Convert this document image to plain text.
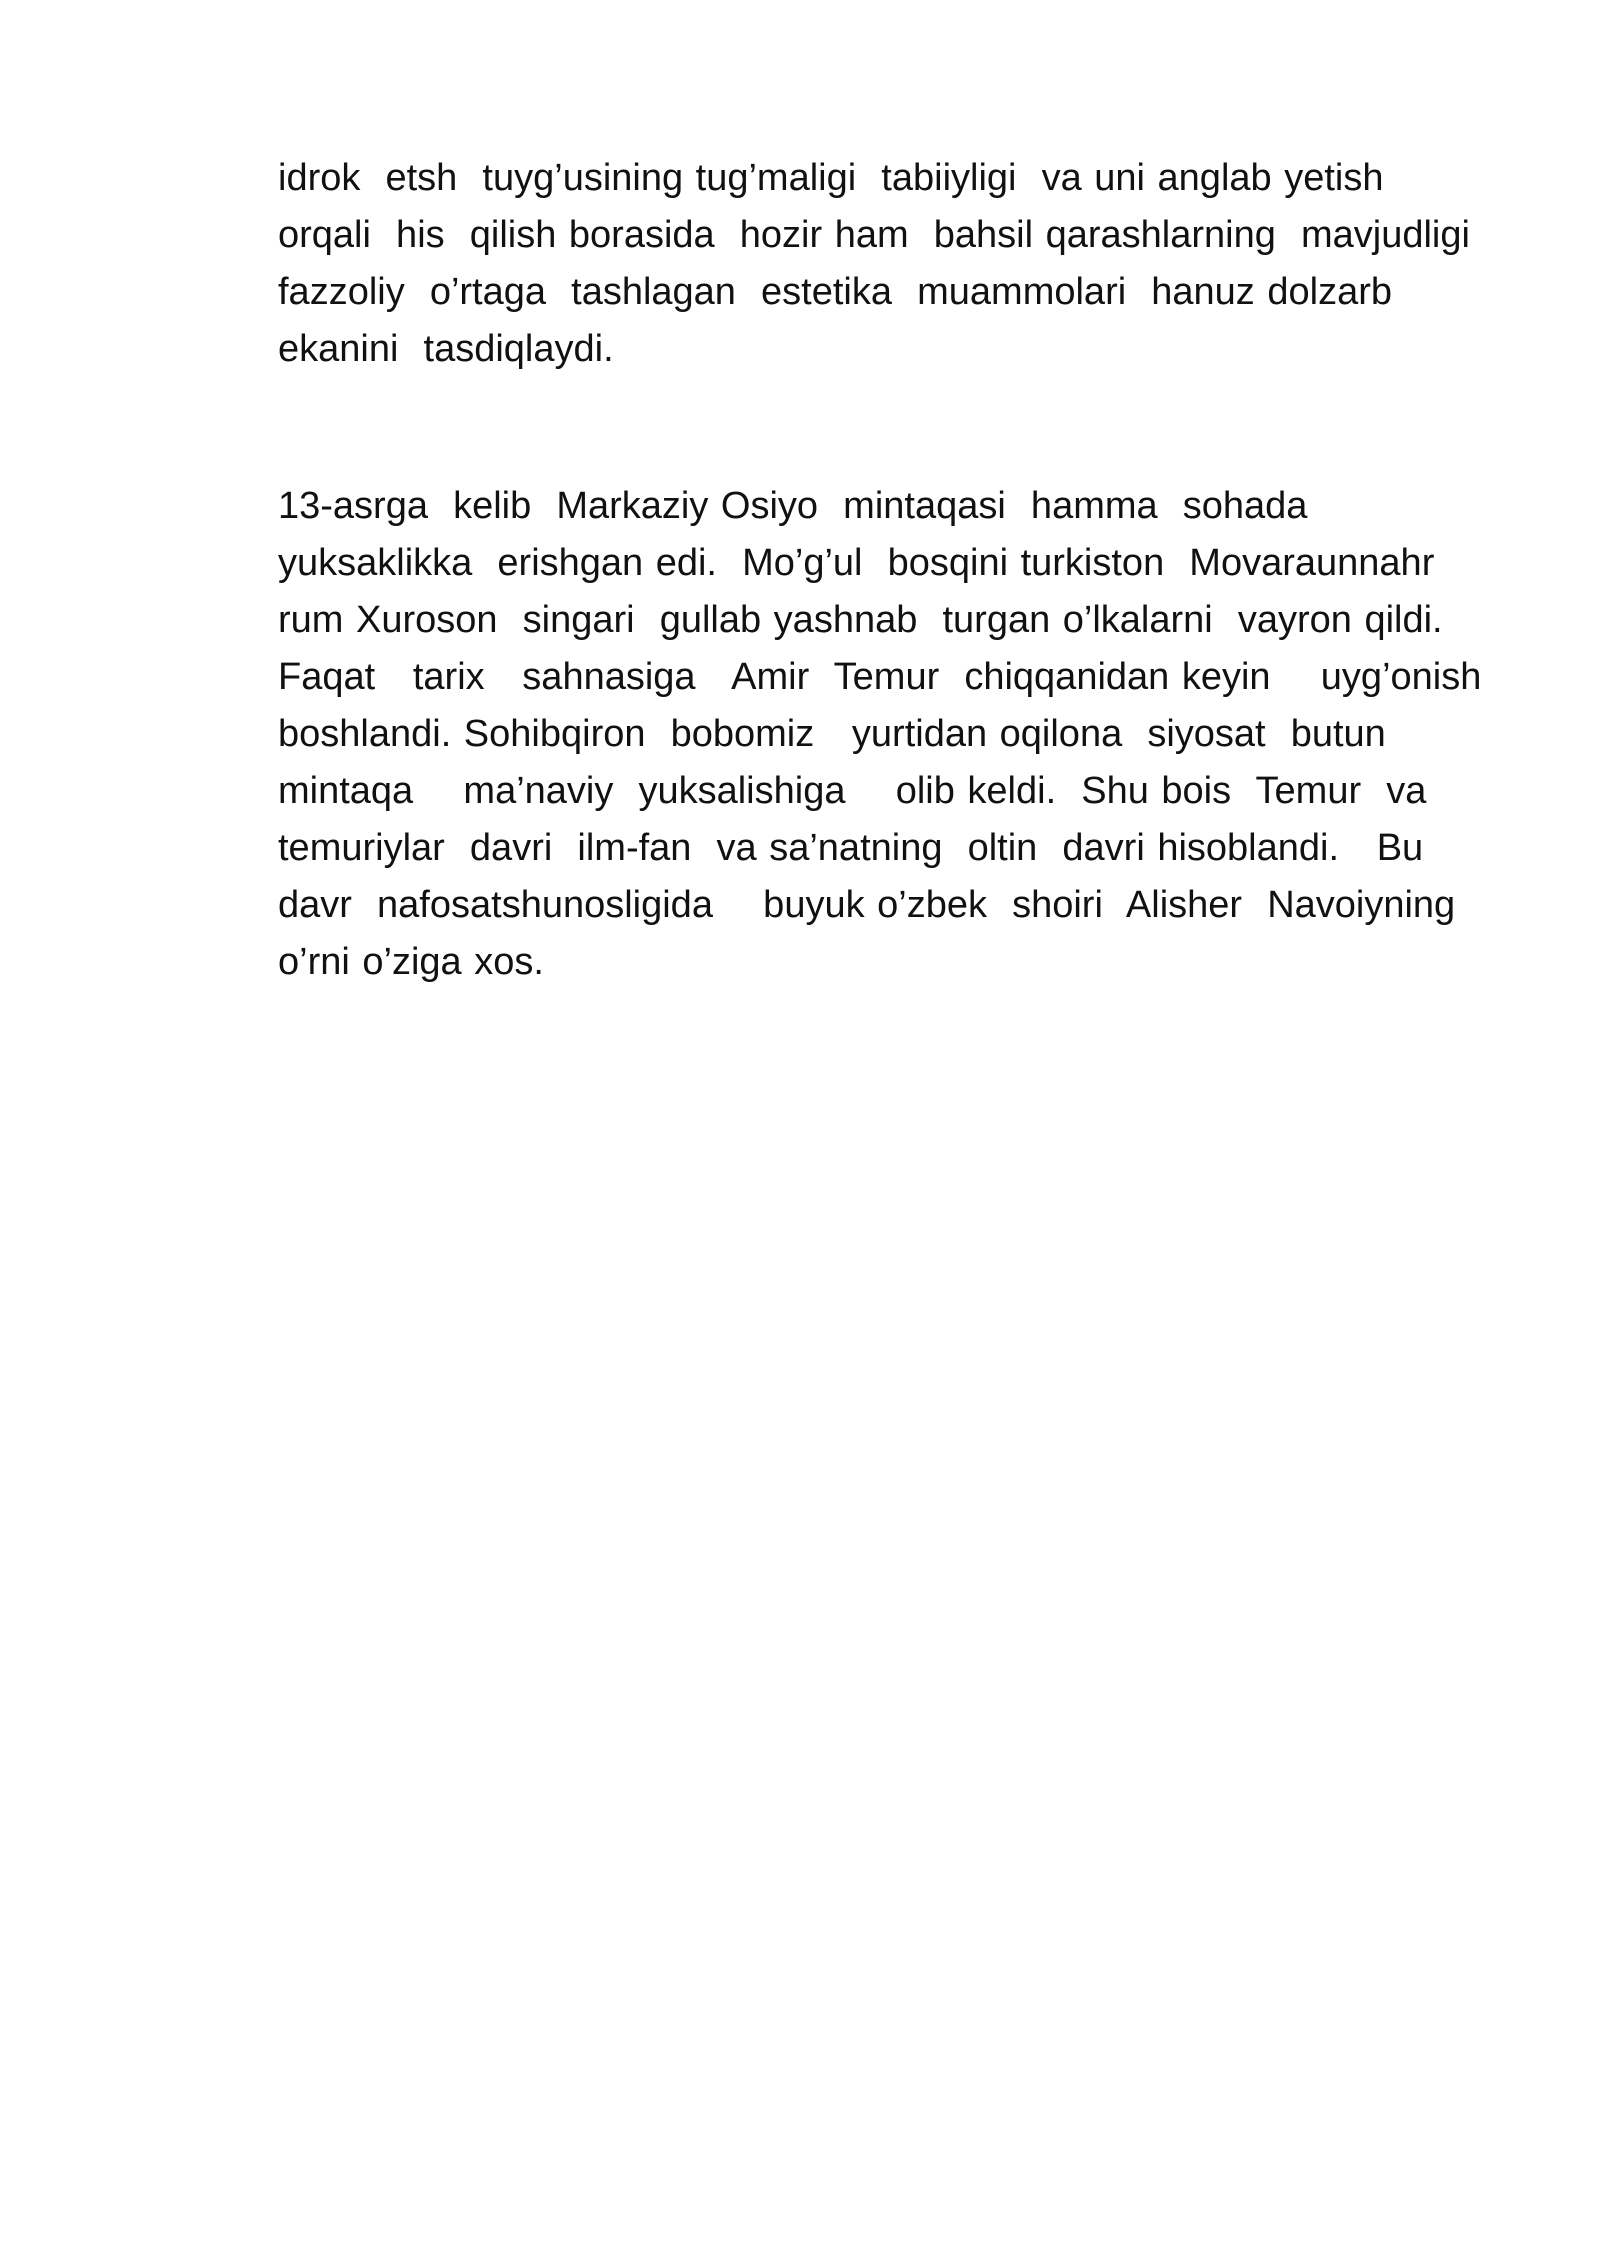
idrok  etsh  tuyg’usining tug’maligi  tabiiyligi  va uni anglab yetish
orqali  his  qilish borasida  hozir ham  bahsil qarashlarning  mavjudligi
fazzoliy  o’rtaga  tashlagan  estetika  muammolari  hanuz dolzarb
ekanini  tasdiqlaydi.
13-asrga  kelib  Markaziy Osiyo  mintaqasi  hamma  sohada
yuksaklikka  erishgan edi.  Mo’g’ul  bosqini turkiston  Movaraunnahr
rum Xuroson  singari  gullab yashnab  turgan o’lkalarni  vayron qildi.
Faqat   tarix   sahnasiga   Amir  Temur  chiqqanidan keyin    uyg’onish
boshlandi. Sohibqiron  bobomiz   yurtidan oqilona  siyosat  butun
mintaqa    ma’naviy  yuksalishiga    olib keldi.  Shu bois  Temur  va
temuriylar  davri  ilm-fan  va sa’natning  oltin  davri hisoblandi.   Bu
davr  nafosatshunosligida    buyuk o’zbek  shoiri  Alisher  Navoiyning
o’rni o’ziga xos.
